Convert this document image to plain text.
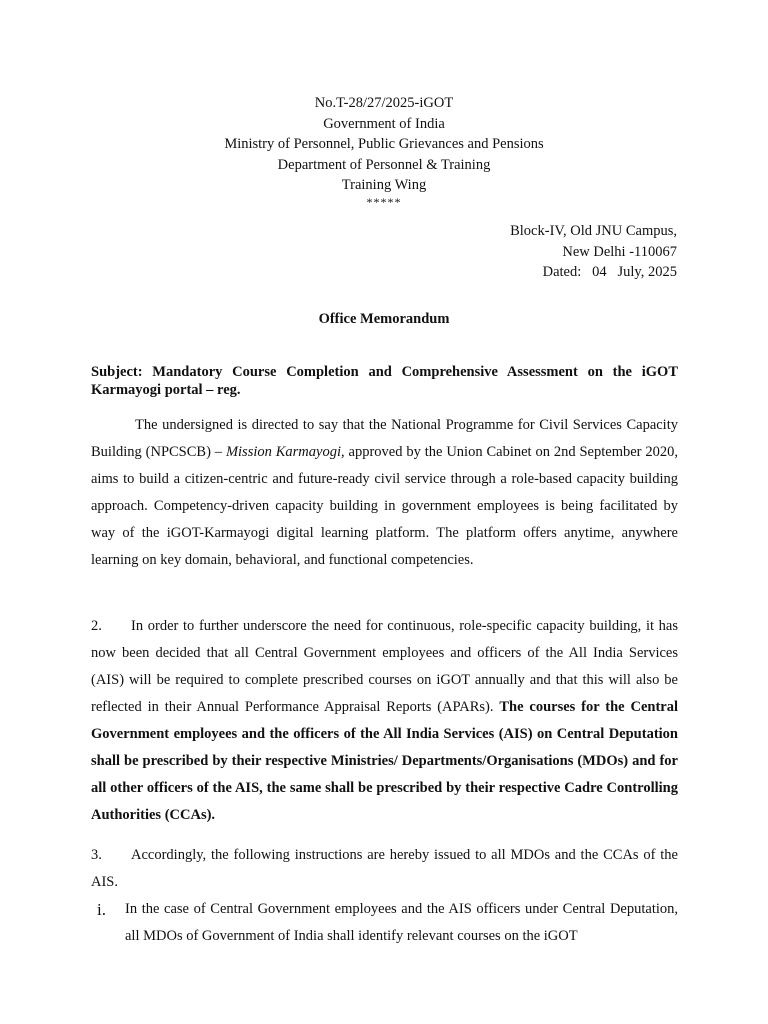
No.T-28/27/2025-iGOT
Government of India
Ministry of Personnel, Public Grievances and Pensions
Department of Personnel & Training
Training Wing
*****
Block-IV, Old JNU Campus,
New Delhi -110067
Dated: 04 July, 2025
Office Memorandum
Subject: Mandatory Course Completion and Comprehensive Assessment on the iGOT Karmayogi portal – reg.
The undersigned is directed to say that the National Programme for Civil Services Capacity Building (NPCSCB) – Mission Karmayogi, approved by the Union Cabinet on 2nd September 2020, aims to build a citizen-centric and future-ready civil service through a role-based capacity building approach. Competency-driven capacity building in government employees is being facilitated by way of the iGOT-Karmayogi digital learning platform. The platform offers anytime, anywhere learning on key domain, behavioral, and functional competencies.
2. In order to further underscore the need for continuous, role-specific capacity building, it has now been decided that all Central Government employees and officers of the All India Services (AIS) will be required to complete prescribed courses on iGOT annually and that this will also be reflected in their Annual Performance Appraisal Reports (APARs). The courses for the Central Government employees and the officers of the All India Services (AIS) on Central Deputation shall be prescribed by their respective Ministries/ Departments/Organisations (MDOs) and for all other officers of the AIS, the same shall be prescribed by their respective Cadre Controlling Authorities (CCAs).
3. Accordingly, the following instructions are hereby issued to all MDOs and the CCAs of the AIS.
i. In the case of Central Government employees and the AIS officers under Central Deputation, all MDOs of Government of India shall identify relevant courses on the iGOT
